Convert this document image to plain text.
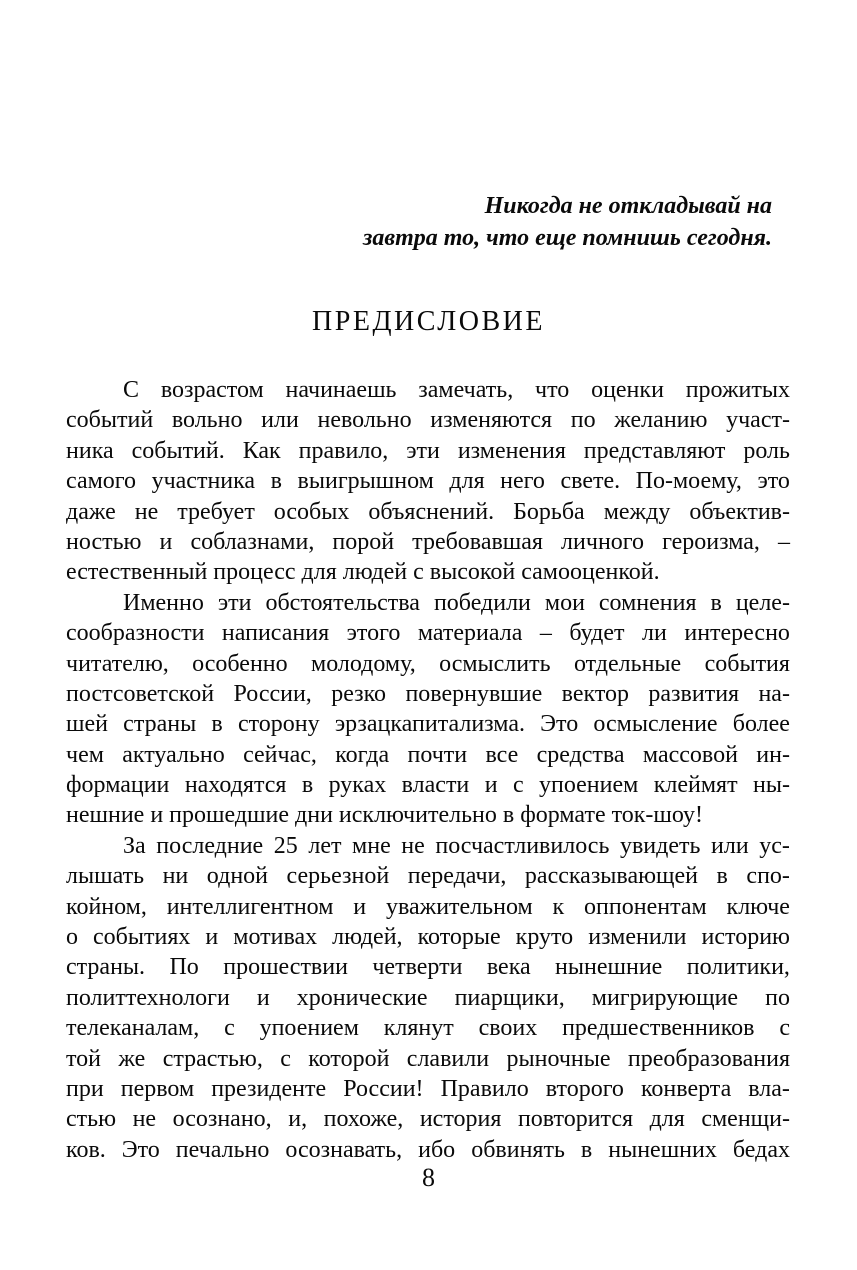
Никогда не откладывай на
завтра то, что еще помнишь сегодня.
ПРЕДИСЛОВИЕ
С возрастом начинаешь замечать, что оценки прожитых
событий вольно или невольно изменяются по желанию участ-
ника событий. Как правило, эти изменения представляют роль
самого участника в выигрышном для него свете. По-моему, это
даже не требует особых объяснений. Борьба между объектив-
ностью и соблазнами, порой требовавшая личного героизма, –
естественный процесс для людей с высокой самооценкой.
Именно эти обстоятельства победили мои сомнения в целе-
сообразности написания этого материала – будет ли интересно
читателю, особенно молодому, осмыслить отдельные события
постсоветской России, резко повернувшие вектор развития на-
шей страны в сторону эрзацкапитализма. Это осмысление более
чем актуально сейчас, когда почти все средства массовой ин-
формации находятся в руках власти и с упоением клеймят ны-
нешние и прошедшие дни исключительно в формате ток-шоу!
За последние 25 лет мне не посчастливилось увидеть или ус-
лышать ни одной серьезной передачи, рассказывающей в спо-
койном, интеллигентном и уважительном к оппонентам ключе
о событиях и мотивах людей, которые круто изменили историю
страны. По прошествии четверти века нынешние политики,
политтехнологи и хронические пиарщики, мигрирующие по
телеканалам, с упоением клянут своих предшественников с
той же страстью, с которой славили рыночные преобразования
при первом президенте России! Правило второго конверта вла-
стью не осознано, и, похоже, история повторится для сменщи-
ков. Это печально осознавать, ибо обвинять в нынешних бедах
8
